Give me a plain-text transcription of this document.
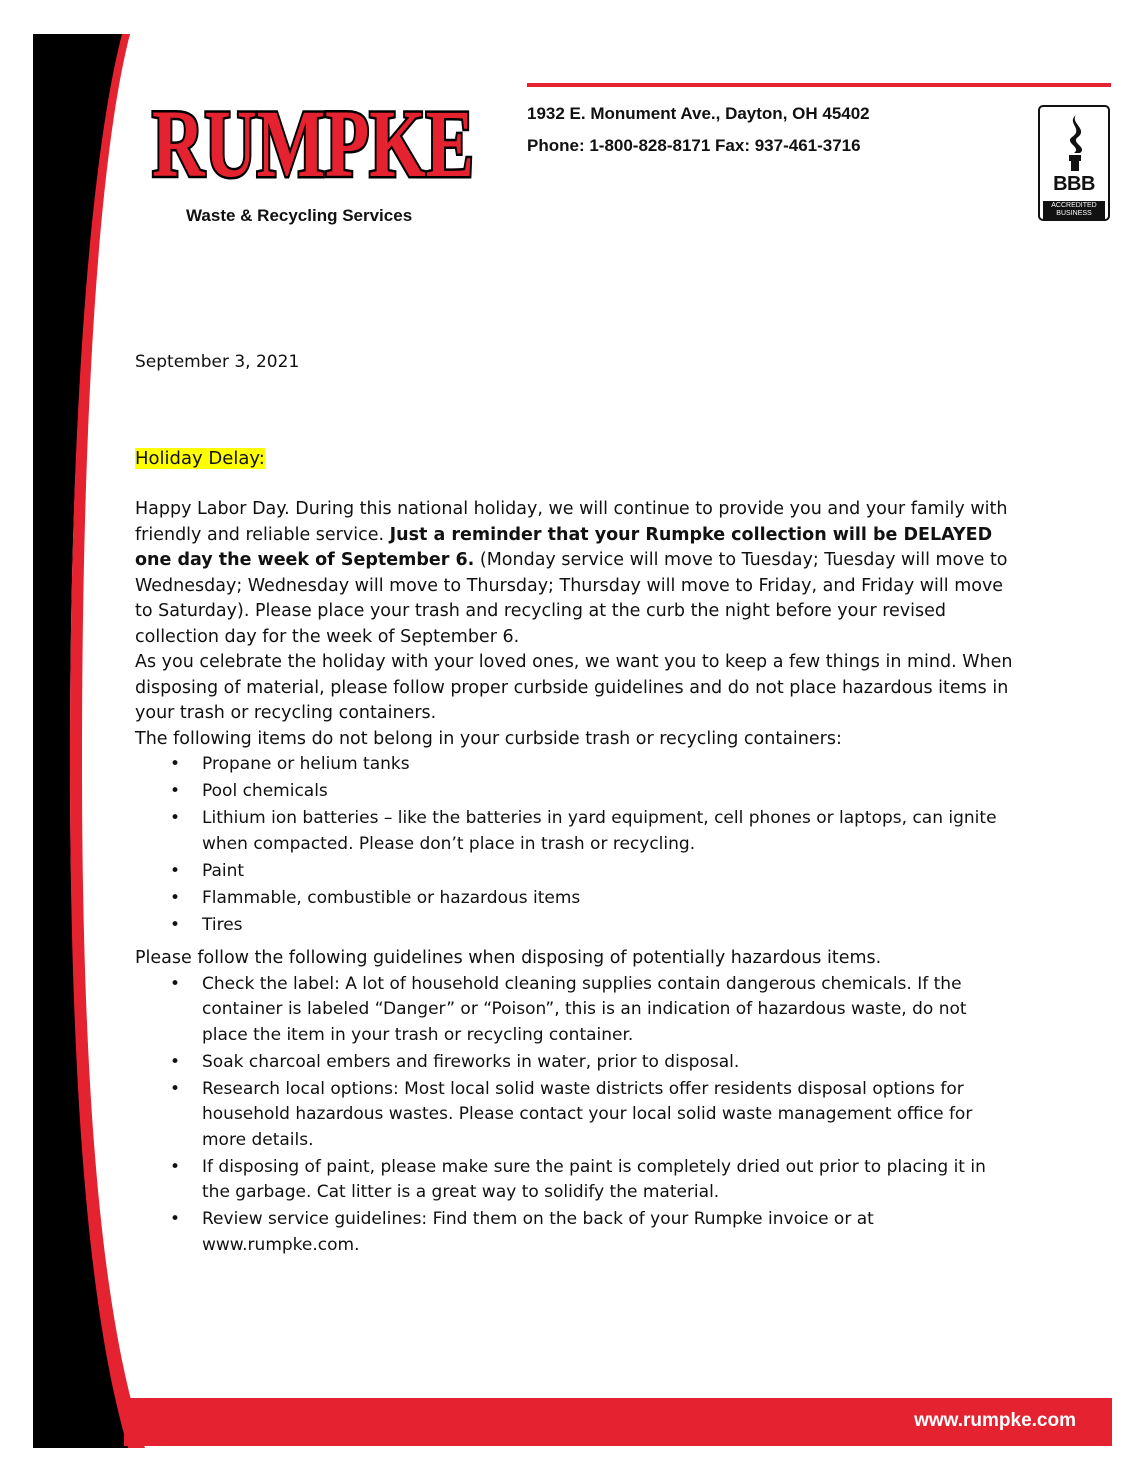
RUMPKE
Waste & Recycling Services
1932 E. Monument Ave., Dayton, OH 45402
Phone: 1-800-828-8171 Fax: 937-461-3716
BBB
ACCREDITED
BUSINESS
September 3, 2021
Holiday Delay:

Happy Labor Day. During this national holiday, we will continue to provide you and your family with friendly and reliable service. Just a reminder that your Rumpke collection will be DELAYED one day the week of September 6. (Monday service will move to Tuesday; Tuesday will move to Wednesday; Wednesday will move to Thursday; Thursday will move to Friday, and Friday will move to Saturday). Please place your trash and recycling at the curb the night before your revised collection day for the week of September 6.

As you celebrate the holiday with your loved ones, we want you to keep a few things in mind. When disposing of material, please follow proper curbside guidelines and do not place hazardous items in your trash or recycling containers.

The following items do not belong in your curbside trash or recycling containers:

• Propane or helium tanks
• Pool chemicals
• Lithium ion batteries – like the batteries in yard equipment, cell phones or laptops, can ignite when compacted. Please don’t place in trash or recycling.
• Paint
• Flammable, combustible or hazardous items
• Tires

Please follow the following guidelines when disposing of potentially hazardous items.

• Check the label: A lot of household cleaning supplies contain dangerous chemicals. If the container is labeled “Danger” or “Poison”, this is an indication of hazardous waste, do not place the item in your trash or recycling container.
• Soak charcoal embers and fireworks in water, prior to disposal.
• Research local options: Most local solid waste districts offer residents disposal options for household hazardous wastes. Please contact your local solid waste management office for more details.
• If disposing of paint, please make sure the paint is completely dried out prior to placing it in the garbage. Cat litter is a great way to solidify the material.
• Review service guidelines: Find them on the back of your Rumpke invoice or at www.rumpke.com.
www.rumpke.com
